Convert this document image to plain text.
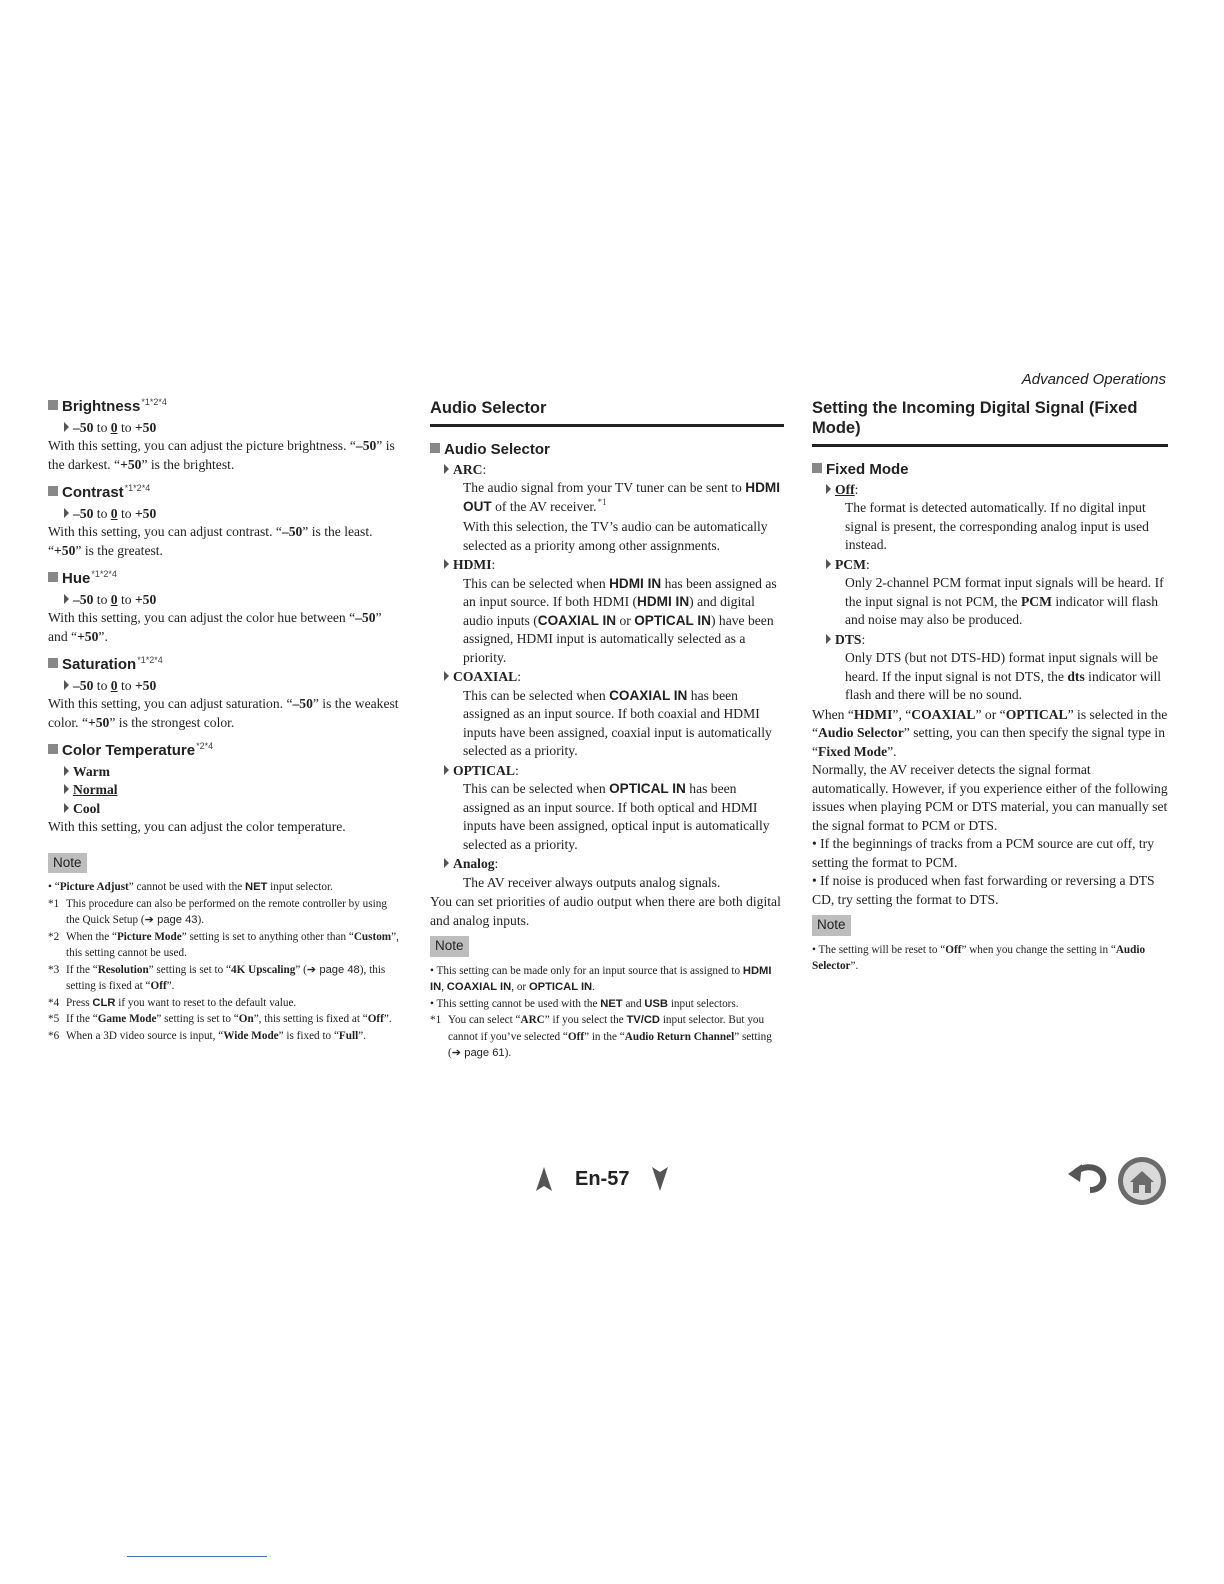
Advanced Operations
Brightness *1*2*4
–50 to 0 to +50
With this setting, you can adjust the picture brightness. “–50” is the darkest. “+50” is the brightest.
Contrast *1*2*4
–50 to 0 to +50
With this setting, you can adjust contrast. “–50” is the least. “+50” is the greatest.
Hue *1*2*4
–50 to 0 to +50
With this setting, you can adjust the color hue between “–50” and “+50”.
Saturation *1*2*4
–50 to 0 to +50
With this setting, you can adjust saturation. “–50” is the weakest color. “+50” is the strongest color.
Color Temperature *2*4
Warm
Normal
Cool
With this setting, you can adjust the color temperature.
Note
• “Picture Adjust” cannot be used with the NET input selector.
*1 This procedure can also be performed on the remote controller by using the Quick Setup (➔ page 43).
*2 When the “Picture Mode” setting is set to anything other than “Custom”, this setting cannot be used.
*3 If the “Resolution” setting is set to “4K Upscaling” (➔ page 48), this setting is fixed at “Off”.
*4 Press CLR if you want to reset to the default value.
*5 If the “Game Mode” setting is set to “On”, this setting is fixed at “Off”.
*6 When a 3D video source is input, “Wide Mode” is fixed to “Full”.
Audio Selector
Audio Selector
ARC:
The audio signal from your TV tuner can be sent to HDMI OUT of the AV receiver.$^{*1}$
With this selection, the TV’s audio can be automatically selected as a priority among other assignments.
HDMI:
This can be selected when HDMI IN has been assigned as an input source. If both HDMI (HDMI IN) and digital audio inputs (COAXIAL IN or OPTICAL IN) have been assigned, HDMI input is automatically selected as a priority.
COAXIAL:
This can be selected when COAXIAL IN has been assigned as an input source. If both coaxial and HDMI inputs have been assigned, coaxial input is automatically selected as a priority.
OPTICAL:
This can be selected when OPTICAL IN has been assigned as an input source. If both optical and HDMI inputs have been assigned, optical input is automatically selected as a priority.
Analog:
The AV receiver always outputs analog signals.
You can set priorities of audio output when there are both digital and analog inputs.
Note
• This setting can be made only for an input source that is assigned to HDMI IN, COAXIAL IN, or OPTICAL IN.
• This setting cannot be used with the NET and USB input selectors.
*1 You can select “ARC” if you select the TV/CD input selector. But you cannot if you’ve selected “Off” in the “Audio Return Channel” setting (➔ page 61).
Setting the Incoming Digital Signal (Fixed Mode)
Fixed Mode
Off:
The format is detected automatically. If no digital input signal is present, the corresponding analog input is used instead.
PCM:
Only 2-channel PCM format input signals will be heard. If the input signal is not PCM, the PCM indicator will flash and noise may also be produced.
DTS:
Only DTS (but not DTS-HD) format input signals will be heard. If the input signal is not DTS, the dts indicator will flash and there will be no sound.
When “HDMI”, “COAXIAL” or “OPTICAL” is selected in the “Audio Selector” setting, you can then specify the signal type in “Fixed Mode”.
Normally, the AV receiver detects the signal format automatically. However, if you experience either of the following issues when playing PCM or DTS material, you can manually set the signal format to PCM or DTS.
• If the beginnings of tracks from a PCM source are cut off, try setting the format to PCM.
• If noise is produced when fast forwarding or reversing a DTS CD, try setting the format to DTS.
Note
• The setting will be reset to “Off” when you change the setting in “Audio Selector”.
En-57
